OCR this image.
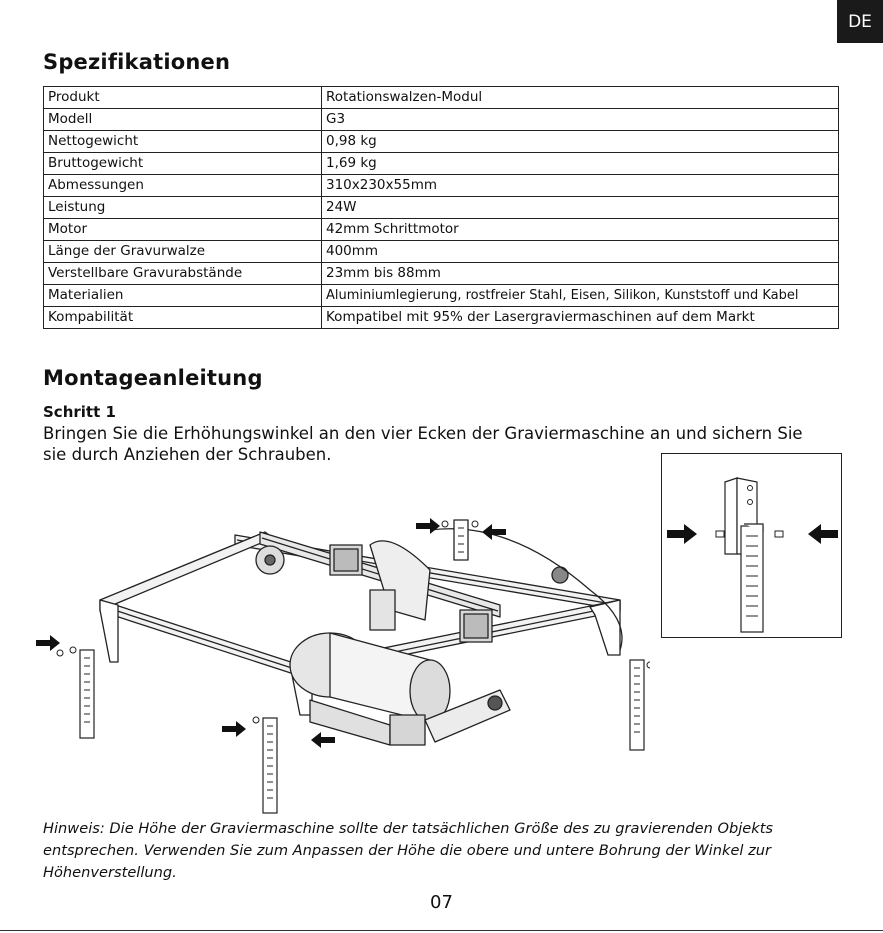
DE
Spezifikationen
Produkt	Rotationswalzen-Modul
Modell	G3
Nettogewicht	0,98 kg
Bruttogewicht	1,69 kg
Abmessungen	310x230x55mm
Leistung	24W
Motor	42mm Schrittmotor
Länge der Gravurwalze	400mm
Verstellbare Gravurabstände	23mm bis 88mm
Materialien	Aluminiumlegierung, rostfreier Stahl, Eisen, Silikon, Kunststoff und Kabel
Kompabilität	Kompatibel mit 95% der Lasergraviermaschinen auf dem Markt
Montageanleitung
Schritt 1
Bringen Sie die Erhöhungswinkel an den vier Ecken der Graviermaschine an und sichern Sie sie durch Anziehen der Schrauben.
Hinweis: Die Höhe der Graviermaschine sollte der tatsächlichen Größe des zu gravierenden Objekts entsprechen. Verwenden Sie zum Anpassen der Höhe die obere und untere Bohrung der Winkel zur Höhenverstellung.
07
